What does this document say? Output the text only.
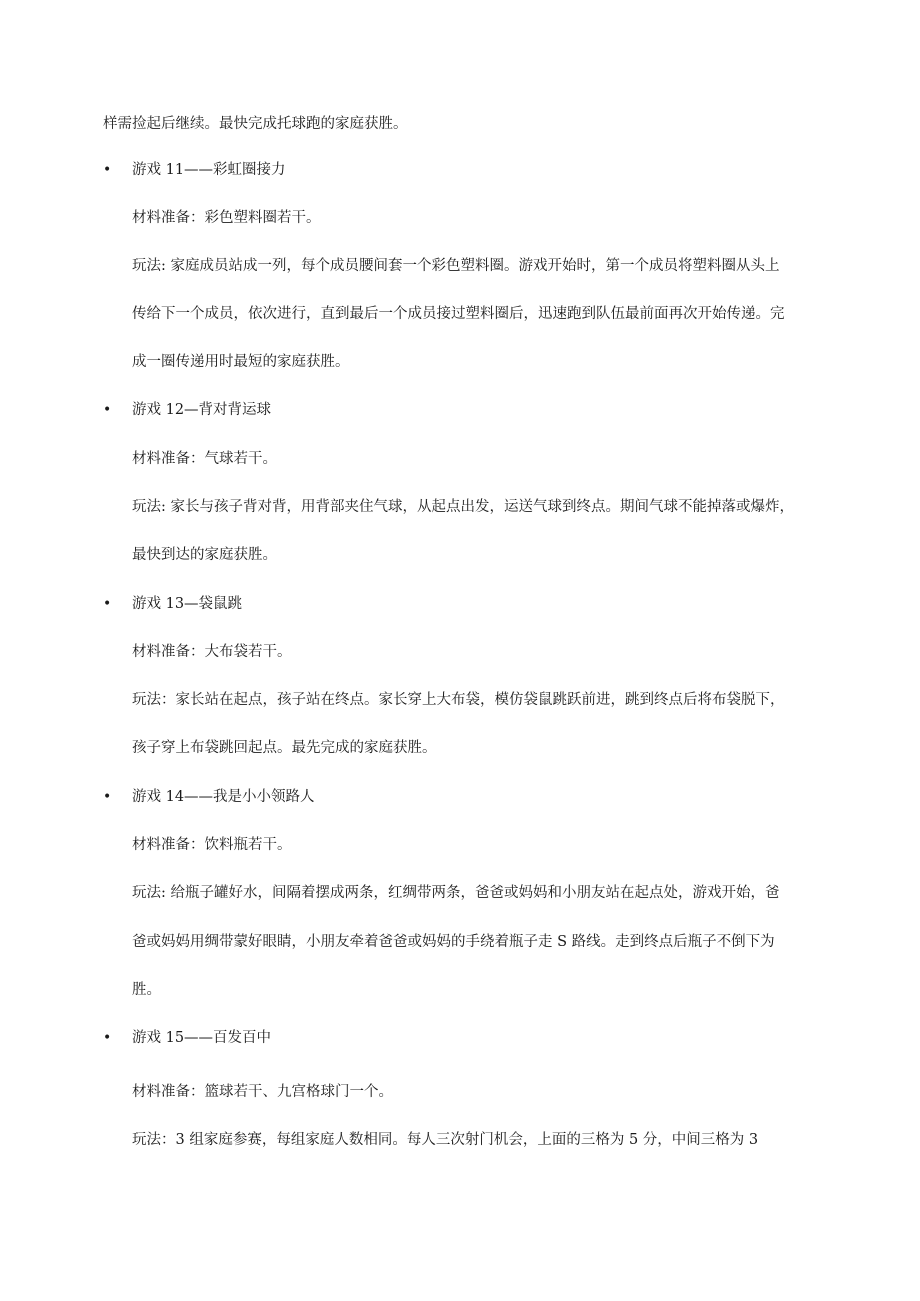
样需捡起后继续。最快完成托球跑的家庭获胜。
• 游戏 11——彩虹圈接力
材料准备：彩色塑料圈若干。
玩法: 家庭成员站成一列，每个成员腰间套一个彩色塑料圈。游戏开始时，第一个成员将塑料圈从头上
传给下一个成员，依次进行，直到最后一个成员接过塑料圈后，迅速跑到队伍最前面再次开始传递。完
成一圈传递用时最短的家庭获胜。
• 游戏 12—背对背运球
材料准备：气球若干。
玩法: 家长与孩子背对背，用背部夹住气球，从起点出发，运送气球到终点。期间气球不能掉落或爆炸，
最快到达的家庭获胜。
• 游戏 13—袋鼠跳
材料准备：大布袋若干。
玩法：家长站在起点，孩子站在终点。家长穿上大布袋，模仿袋鼠跳跃前进，跳到终点后将布袋脱下，
孩子穿上布袋跳回起点。最先完成的家庭获胜。
• 游戏 14——我是小小领路人
材料准备：饮料瓶若干。
玩法: 给瓶子罐好水，间隔着摆成两条，红绸带两条，爸爸或妈妈和小朋友站在起点处，游戏开始，爸
爸或妈妈用绸带蒙好眼睛，小朋友牵着爸爸或妈妈的手绕着瓶子走 S 路线。走到终点后瓶子不倒下为
胜。
• 游戏 15——百发百中
材料准备：篮球若干、九宫格球门一个。
玩法：3 组家庭参赛，每组家庭人数相同。每人三次射门机会，上面的三格为 5 分，中间三格为 3
